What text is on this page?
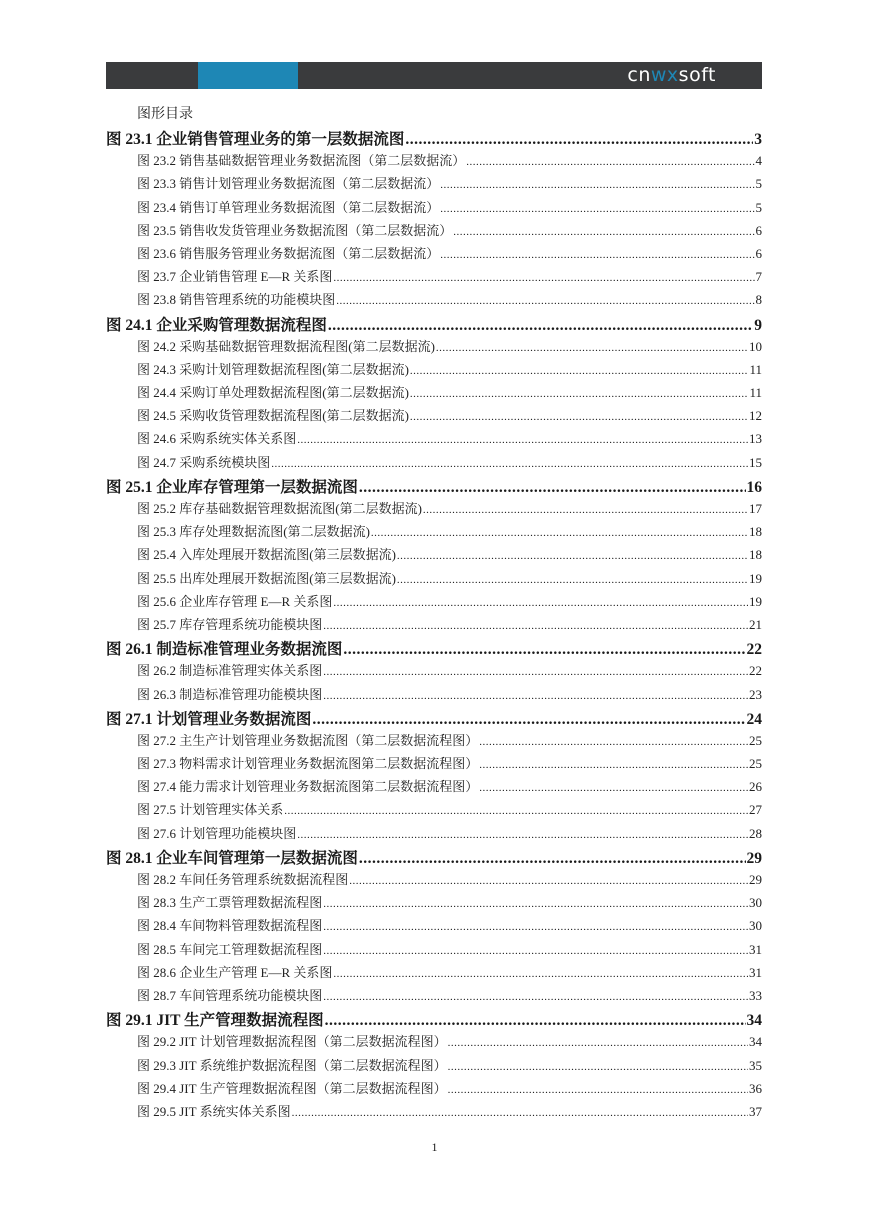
cnwxsoft
图形目录
图 23.1 企业销售管理业务的第一层数据流图 .....	3
图 23.2 销售基础数据管理业务数据流图（第二层数据流） .....	4
图 23.3 销售计划管理业务数据流图（第二层数据流） .....	5
图 23.4 销售订单管理业务数据流图（第二层数据流） .....	5
图 23.5 销售收发货管理业务数据流图（第二层数据流） .....	6
图 23.6 销售服务管理业务数据流图（第二层数据流） .....	6
图 23.7 企业销售管理 E—R 关系图 .....	7
图 23.8 销售管理系统的功能模块图 .....	8
图 24.1 企业采购管理数据流程图 .....	9
图 24.2 采购基础数据管理数据流程图(第二层数据流) .....	10
图 24.3 采购计划管理数据流程图(第二层数据流) .....	11
图 24.4 采购订单处理数据流程图(第二层数据流) .....	11
图 24.5 采购收货管理数据流程图(第二层数据流) .....	12
图 24.6 采购系统实体关系图 .....	13
图 24.7 采购系统模块图 .....	15
图 25.1 企业库存管理第一层数据流图 .....	16
图 25.2 库存基础数据管理数据流图(第二层数据流) .....	17
图 25.3 库存处理数据流图(第二层数据流) .....	18
图 25.4 入库处理展开数据流图(第三层数据流) .....	18
图 25.5 出库处理展开数据流图(第三层数据流) .....	19
图 25.6 企业库存管理 E—R 关系图 .....	19
图 25.7 库存管理系统功能模块图 .....	21
图 26.1 制造标准管理业务数据流图 .....	22
图 26.2 制造标准管理实体关系图 .....	22
图 26.3 制造标准管理功能模块图 .....	23
图 27.1 计划管理业务数据流图 .....	24
图 27.2 主生产计划管理业务数据流图（第二层数据流程图） .....	25
图 27.3 物料需求计划管理业务数据流图第二层数据流程图） .....	25
图 27.4 能力需求计划管理业务数据流图第二层数据流程图） .....	26
图 27.5 计划管理实体关系 .....	27
图 27.6 计划管理功能模块图 .....	28
图 28.1 企业车间管理第一层数据流图 .....	29
图 28.2 车间任务管理系统数据流程图 .....	29
图 28.3 生产工票管理数据流程图 .....	30
图 28.4 车间物料管理数据流程图 .....	30
图 28.5 车间完工管理数据流程图 .....	31
图 28.6 企业生产管理 E—R 关系图 .....	31
图 28.7 车间管理系统功能模块图 .....	33
图 29.1 JIT 生产管理数据流程图 .....	34
图 29.2 JIT 计划管理数据流程图（第二层数据流程图） .....	34
图 29.3 JIT 系统维护数据流程图（第二层数据流程图） .....	35
图 29.4 JIT 生产管理数据流程图（第二层数据流程图） .....	36
图 29.5 JIT 系统实体关系图 .....	37
1
